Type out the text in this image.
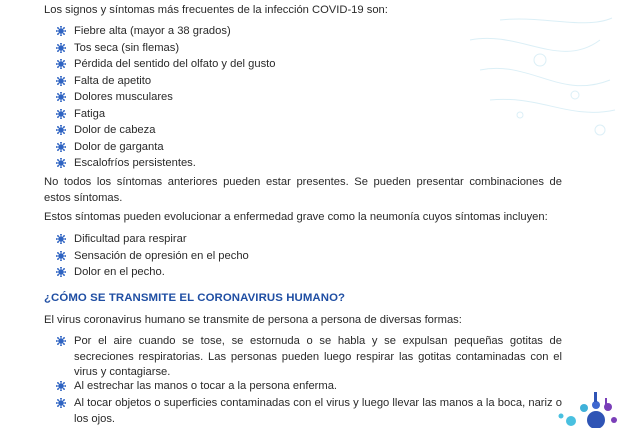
Los signos y síntomas más frecuentes de la infección COVID-19 son:
Fiebre alta (mayor a 38 grados)
Tos seca (sin flemas)
Pérdida del sentido del olfato y del gusto
Falta de apetito
Dolores musculares
Fatiga
Dolor de cabeza
Dolor de garganta
Escalofríos persistentes.
No todos los síntomas anteriores pueden estar presentes. Se pueden presentar combinaciones de estos síntomas.
Estos síntomas pueden evolucionar a enfermedad grave como la neumonía cuyos síntomas incluyen:
Dificultad para respirar
Sensación de opresión en el pecho
Dolor en el pecho.
¿CÓMO SE TRANSMITE EL CORONAVIRUS HUMANO?
El virus coronavirus humano se transmite de persona a persona de diversas formas:
Por el aire cuando se tose, se estornuda o se habla y se expulsan pequeñas gotitas de secreciones respiratorias. Las personas pueden luego respirar las gotitas contaminadas con el virus y contagiarse.
Al estrechar las manos o tocar a la persona enferma.
Al tocar objetos o superficies contaminadas con el virus y luego llevar las manos a la boca, nariz o los ojos.
